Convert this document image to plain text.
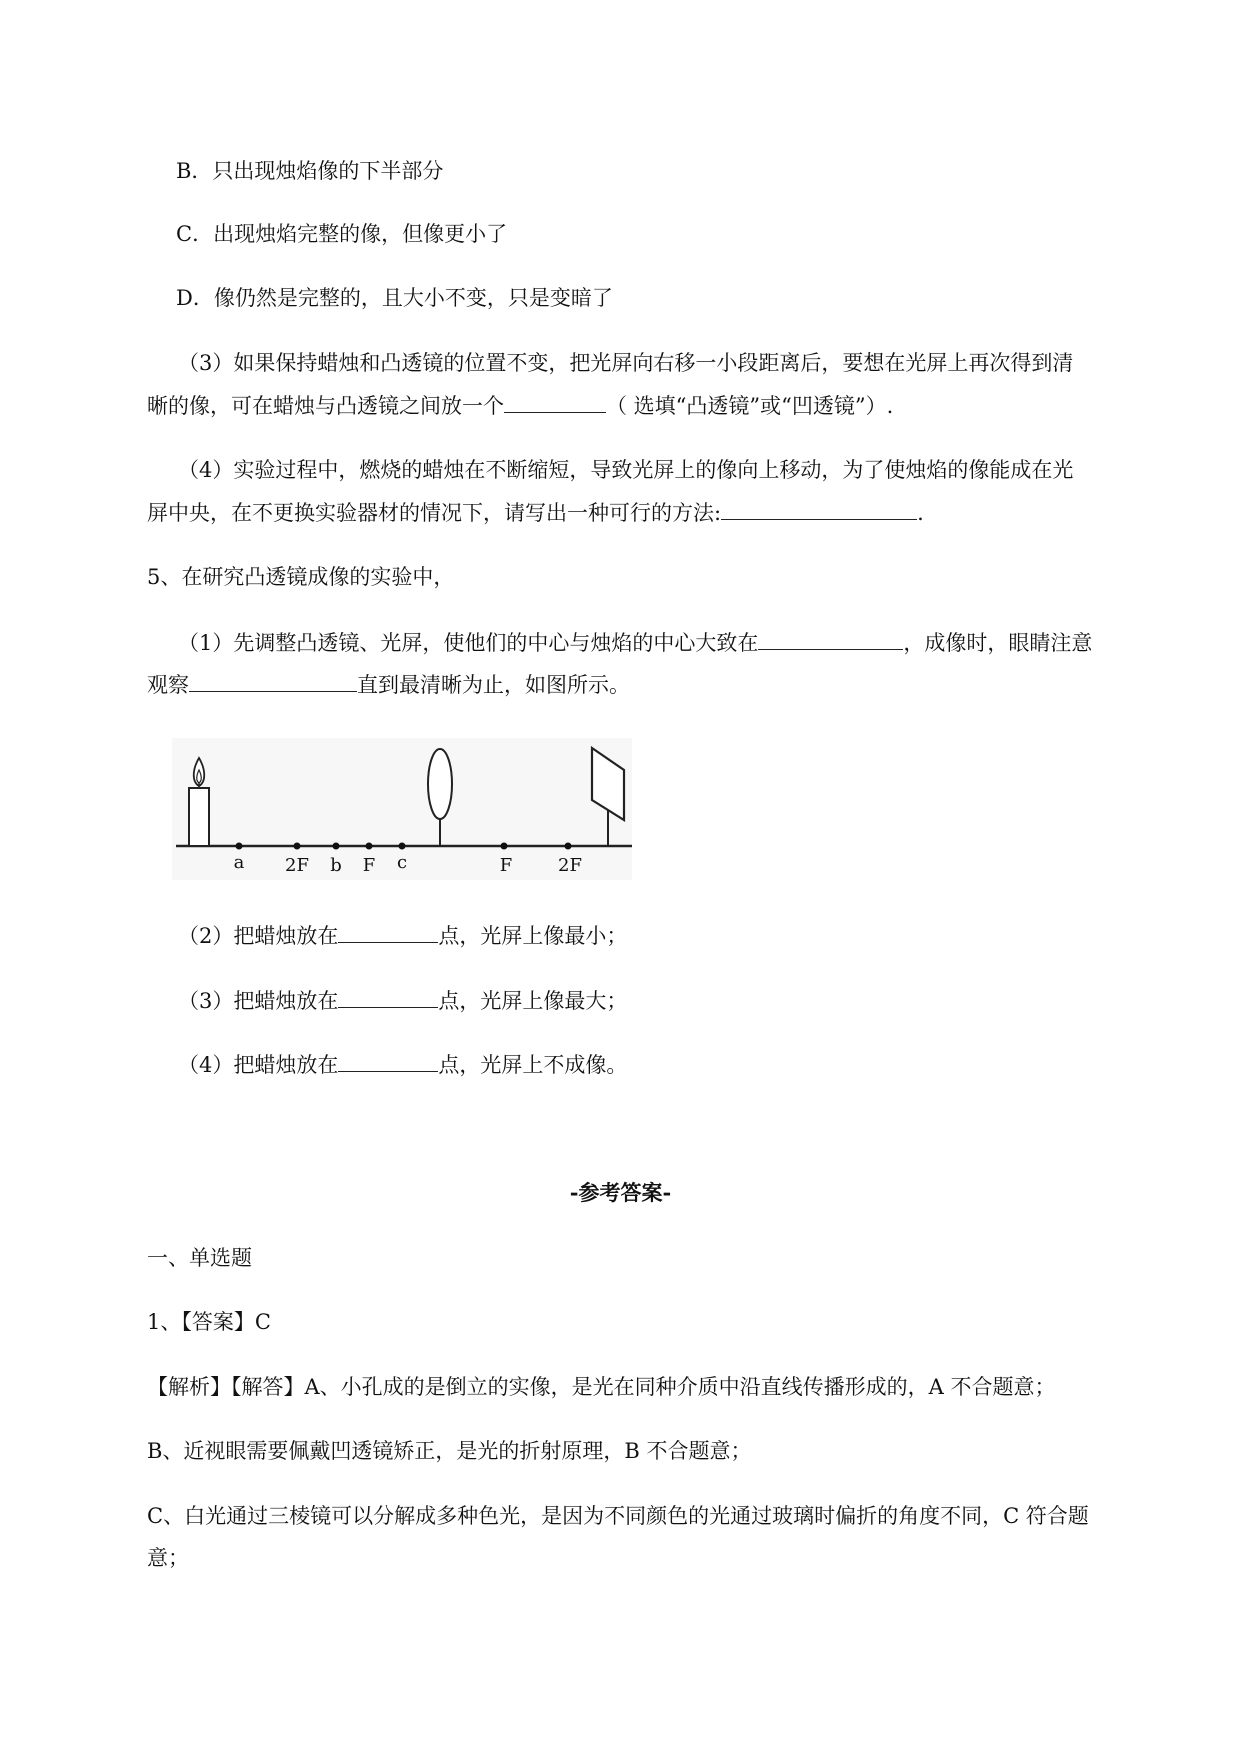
B．只出现烛焰像的下半部分
C．出现烛焰完整的像，但像更小了
D．像仍然是完整的，且大小不变，只是变暗了
（3）如果保持蜡烛和凸透镜的位置不变，把光屏向右移一小段距离后，要想在光屏上再次得到清
晰的像，可在蜡烛与凸透镜之间放一个	（ 选填“凸透镜”或“凹透镜”）.
（4）实验过程中，燃烧的蜡烛在不断缩短，导致光屏上的像向上移动，为了使烛焰的像能成在光
屏中央，在不更换实验器材的情况下，请写出一种可行的方法:	.
5、在研究凸透镜成像的实验中，
（1）先调整凸透镜、光屏，使他们的中心与烛焰的中心大致在	，成像时，眼睛注意
观察	直到最清晰为止，如图所示。
a 2F b F c	F	2F
（2）把蜡烛放在	点，光屏上像最小；
（3）把蜡烛放在	点，光屏上像最大；
（4）把蜡烛放在	点，光屏上不成像。
-参考答案-
一、单选题
1、【答案】C
【解析】【解答】A、小孔成的是倒立的实像，是光在同种介质中沿直线传播形成的，A 不合题意；
B、近视眼需要佩戴凹透镜矫正，是光的折射原理，B 不合题意；
C、白光通过三棱镜可以分解成多种色光，是因为不同颜色的光通过玻璃时偏折的角度不同，C 符合题
意；
